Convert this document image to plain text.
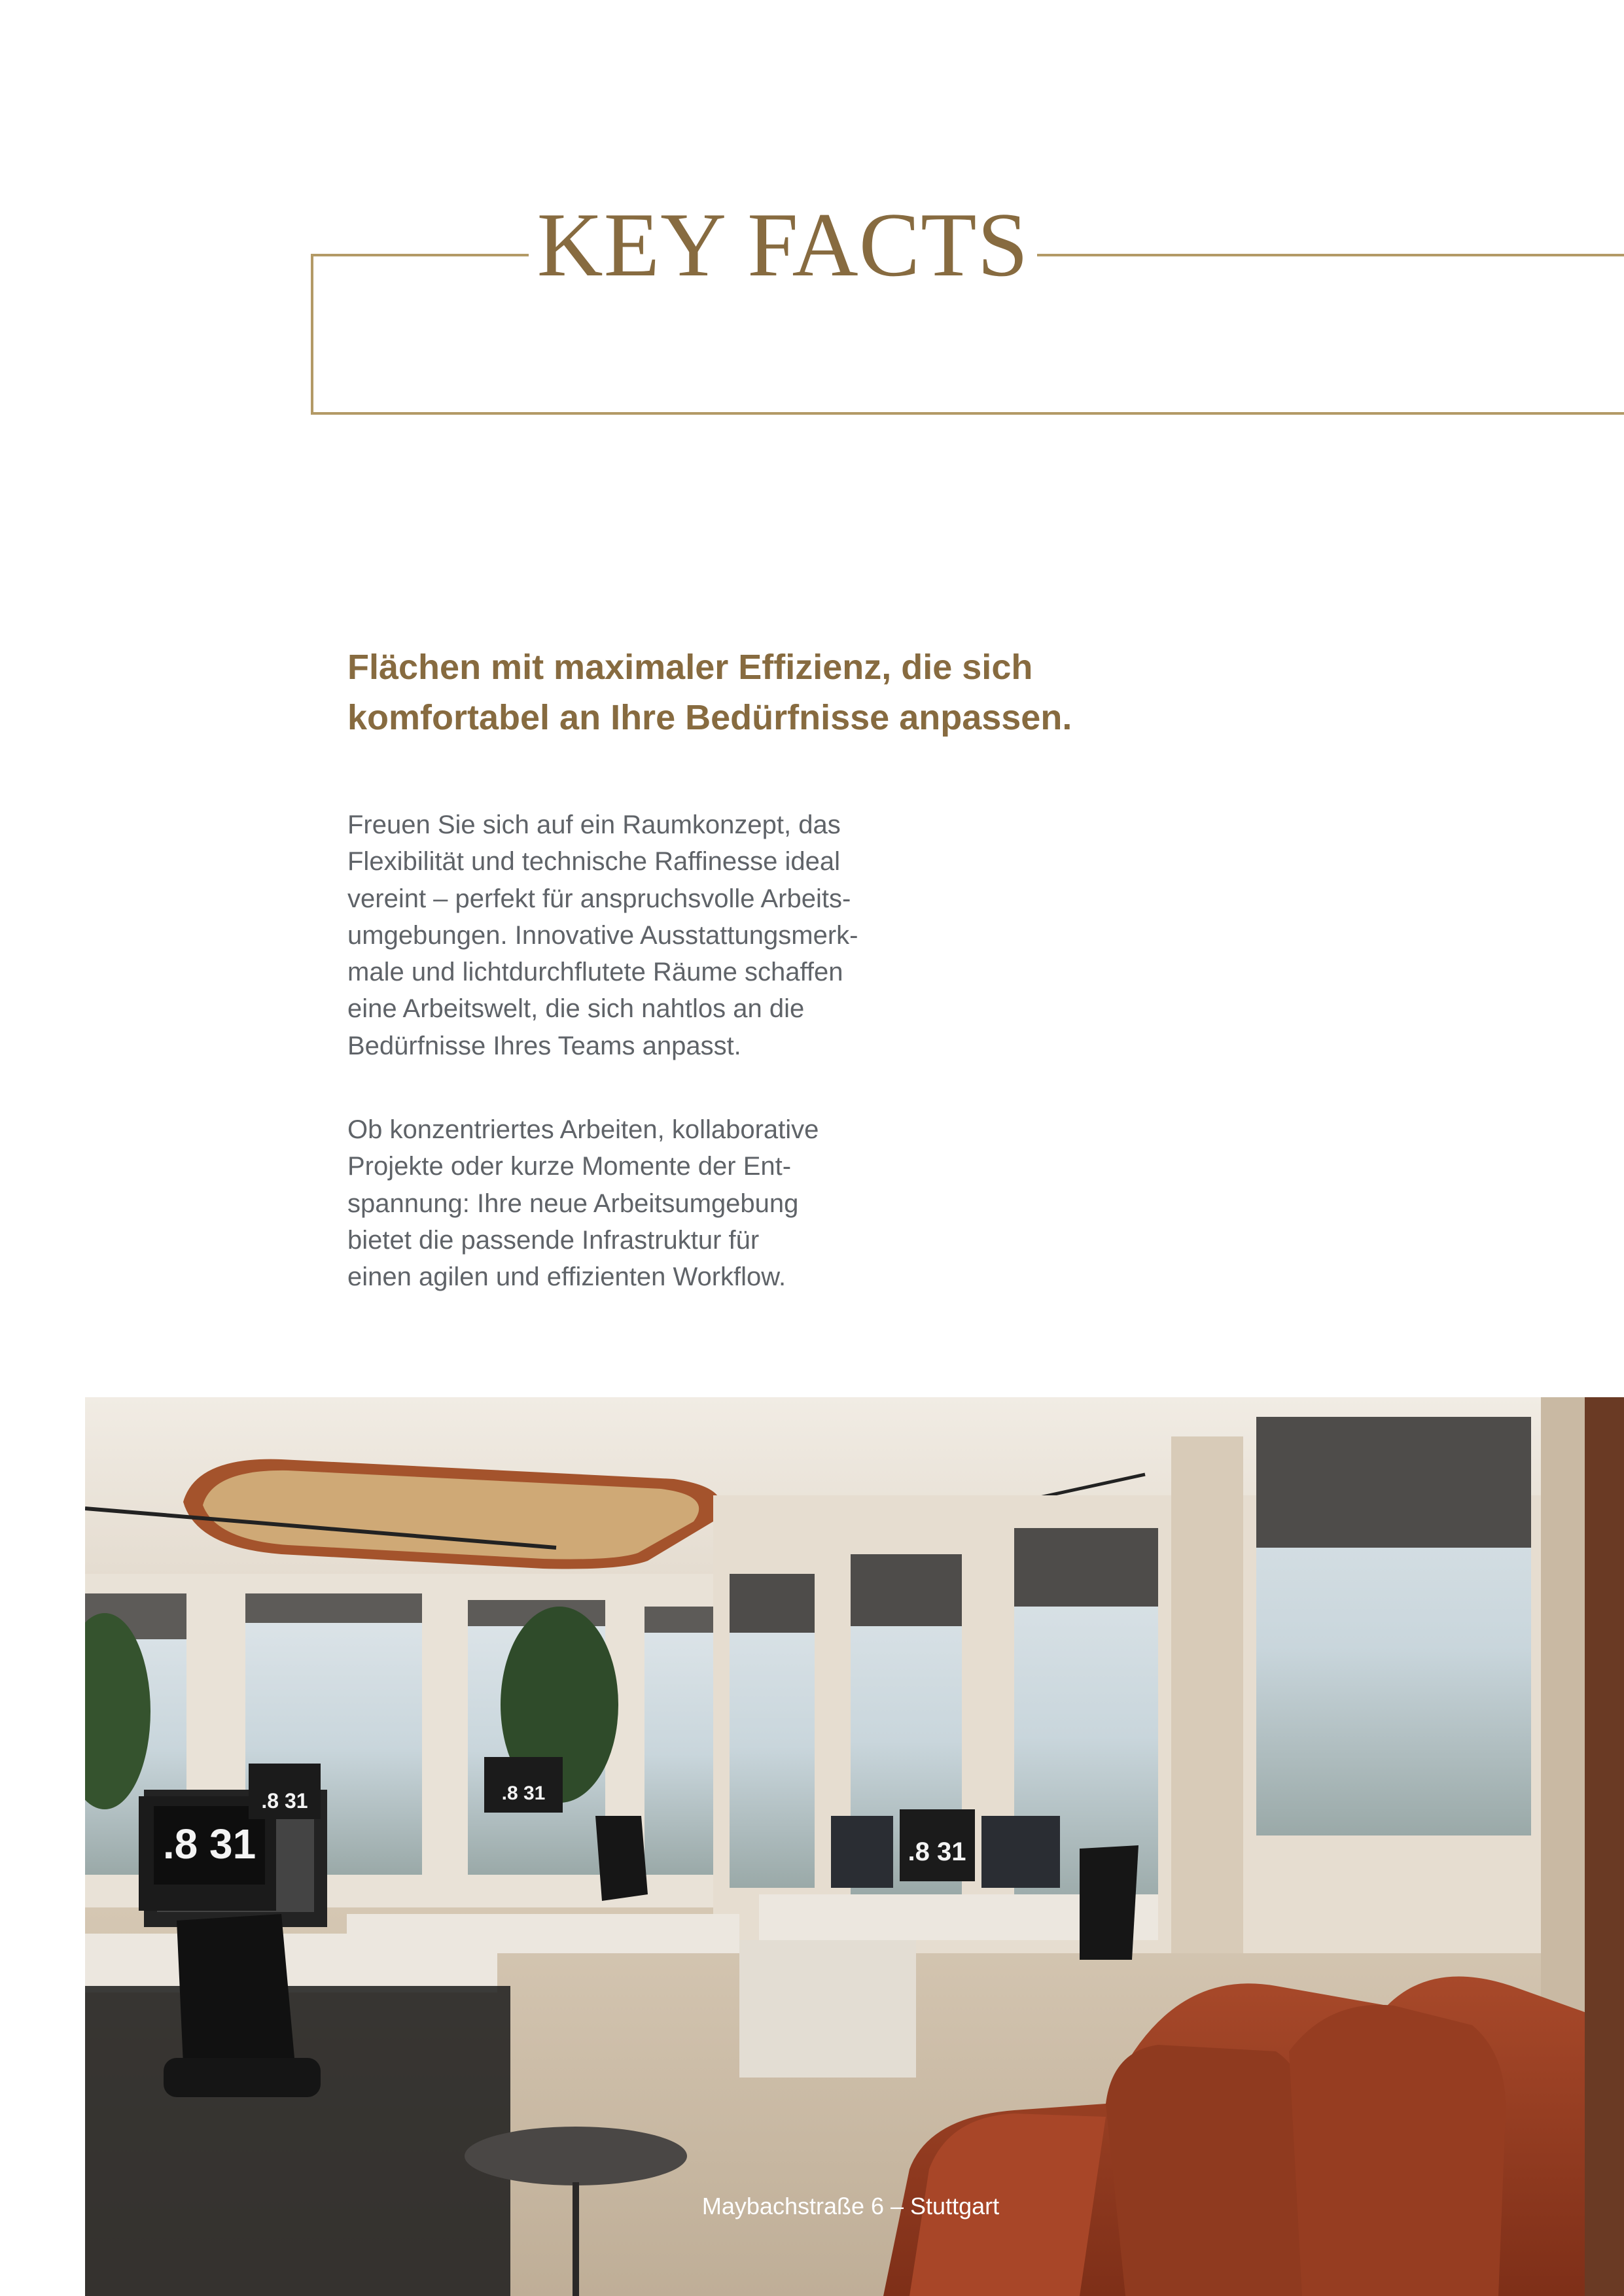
KEY FACTS
Flächen mit maximaler Effizienz, die sich
komfortabel an Ihre Bedürfnisse anpassen.

Freuen Sie sich auf ein Raumkonzept, das
Flexibilität und technische Raffinesse ideal
vereint – perfekt für anspruchsvolle Arbeits-
umgebungen. Innovative Ausstattungsmerk-
male und lichtdurchflutete Räume schaffen
eine Arbeitswelt, die sich nahtlos an die
Bedürfnisse Ihres Teams anpasst.

Ob konzentriertes Arbeiten, kollaborative
Projekte oder kurze Momente der Ent-
spannung: Ihre neue Arbeitsumgebung
bietet die passende Infrastruktur für
einen agilen und effizienten Workflow.

.8 31
.8 31	.8 31
.8 31
Maybachstraße 6 – Stuttgart
